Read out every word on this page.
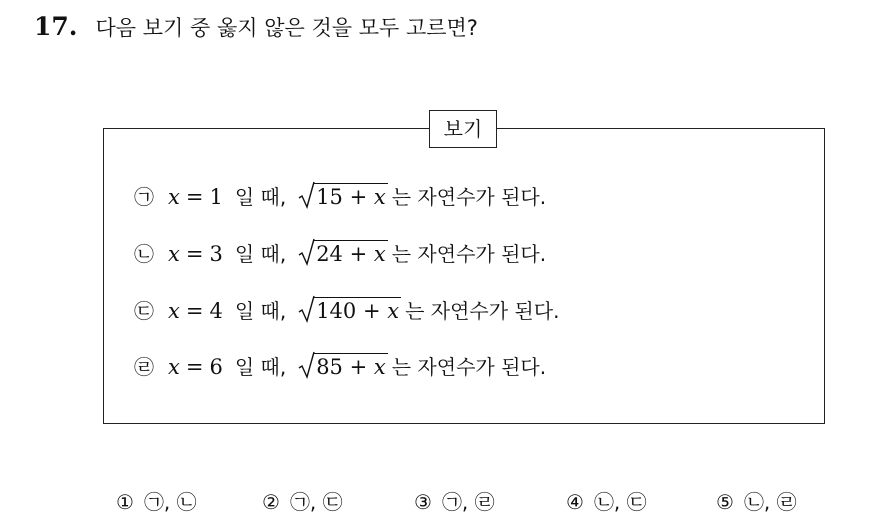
17. 다음 보기 중 옳지 않은 것을 모두 고르면?
보기
㉠ x = 1 일 때, 15 + x 는 자연수가 된다.
㉡ x = 3 일 때, 24 + x 는 자연수가 된다.
㉢ x = 4 일 때, 140 + x 는 자연수가 된다.
㉣ x = 6 일 때, 85 + x 는 자연수가 된다.
① ㉠, ㉡	② ㉠, ㉢	③ ㉠, ㉣	④ ㉡, ㉢	⑤ ㉡, ㉣
